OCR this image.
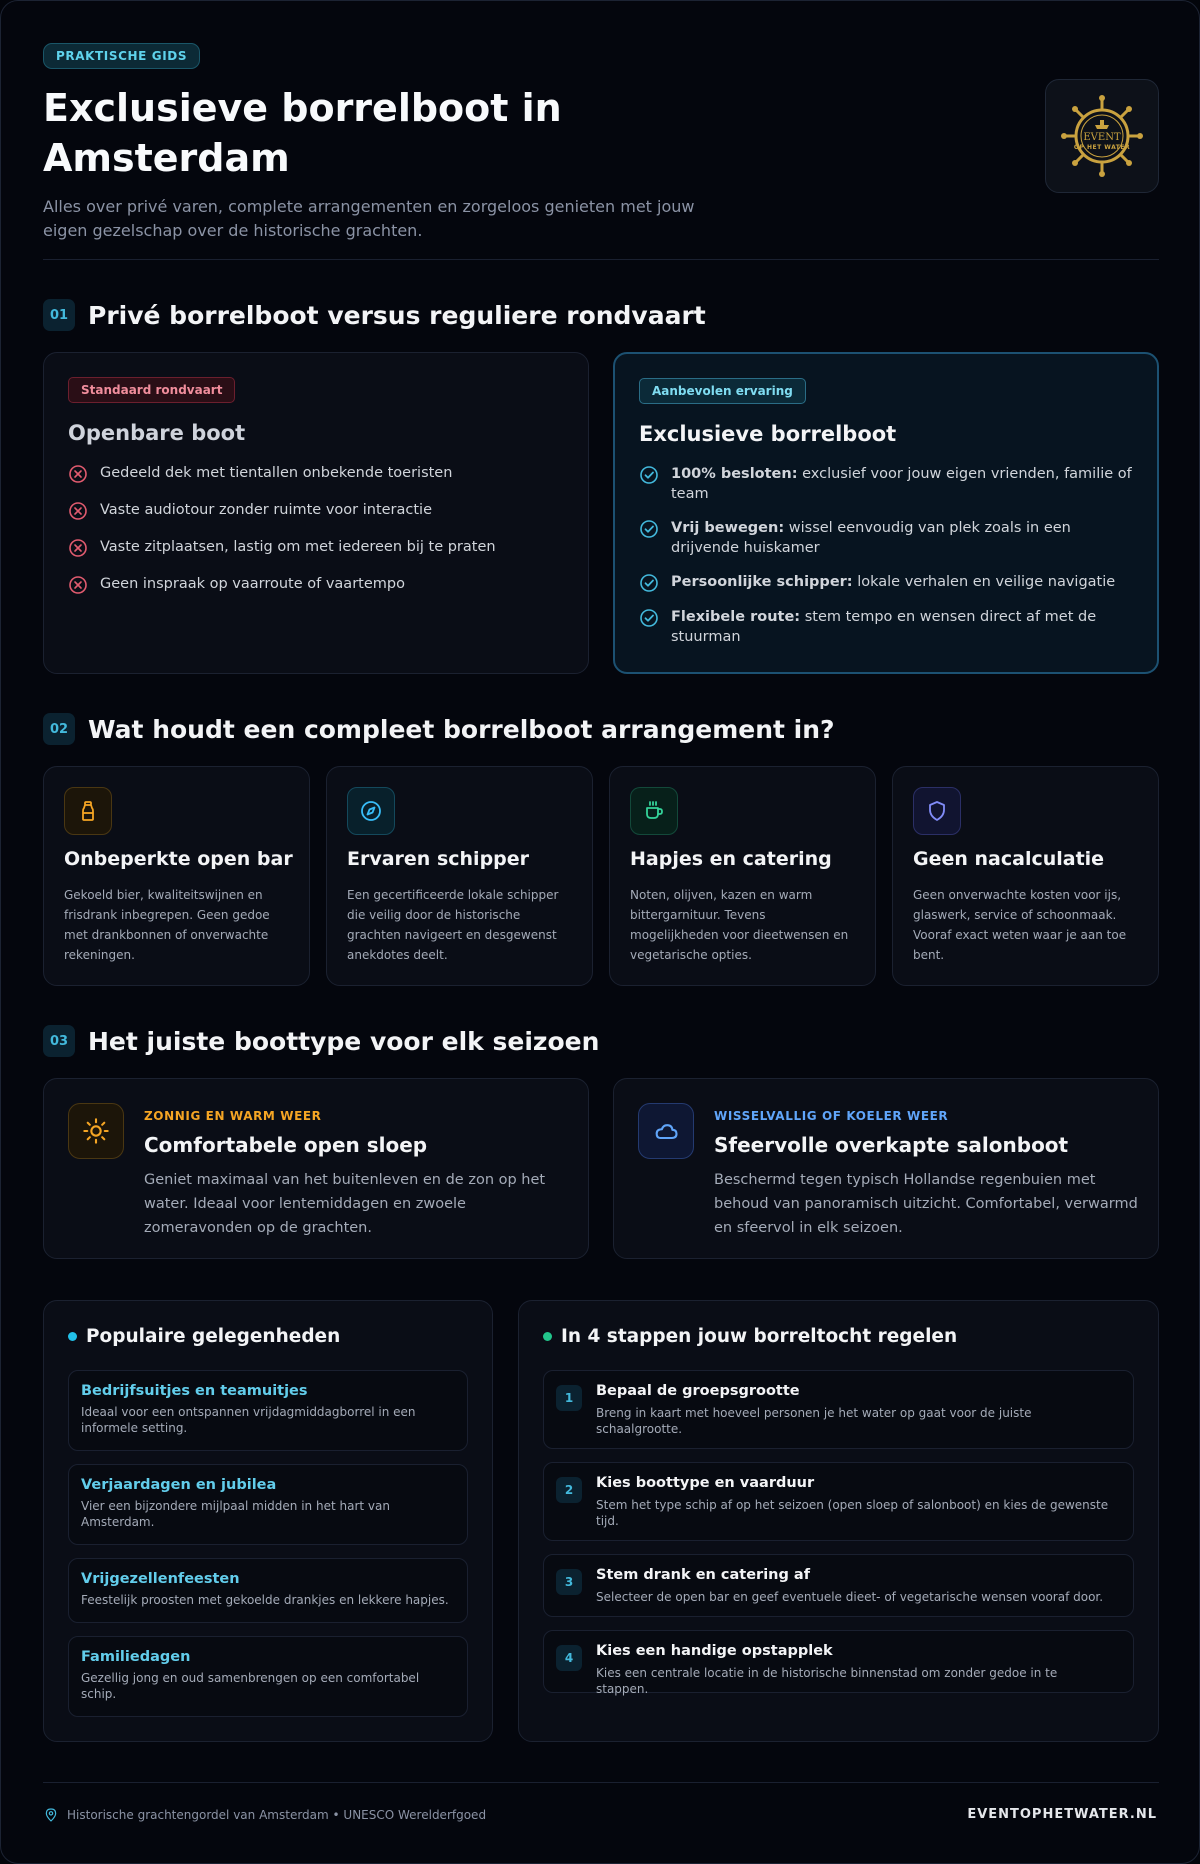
PRAKTISCHE GIDS
Exclusieve borrelboot in Amsterdam

Alles over privé varen, complete arrangementen en zorgeloos genieten met jouw eigen gezelschap over de historische grachten.

EVENT
OP HET WATER
01 Privé borrelboot versus reguliere rondvaart
Standaard rondvaart
Openbare boot
Gedeeld dek met tientallen onbekende toeristen
Vaste audiotour zonder ruimte voor interactie
Vaste zitplaatsen, lastig om met iedereen bij te praten
Geen inspraak op vaarroute of vaartempo
Aanbevolen ervaring
Exclusieve borrelboot
100% besloten: exclusief voor jouw eigen vrienden, familie of team
Vrij bewegen: wissel eenvoudig van plek zoals in een drijvende huiskamer
Persoonlijke schipper: lokale verhalen en veilige navigatie
Flexibele route: stem tempo en wensen direct af met de stuurman
02 Wat houdt een compleet borrelboot arrangement in?
Onbeperkte open bar
Gekoeld bier, kwaliteitswijnen en frisdrank inbegrepen. Geen gedoe met drankbonnen of onverwachte rekeningen.
Ervaren schipper
Een gecertificeerde lokale schipper die veilig door de historische grachten navigeert en desgewenst anekdotes deelt.
Hapjes en catering
Noten, olijven, kazen en warm bittergarnituur. Tevens mogelijkheden voor dieetwensen en vegetarische opties.
Geen nacalculatie
Geen onverwachte kosten voor ijs, glaswerk, service of schoonmaak. Vooraf exact weten waar je aan toe bent.
03 Het juiste boottype voor elk seizoen
ZONNIG EN WARM WEER
Comfortabele open sloep
Geniet maximaal van het buitenleven en de zon op het water. Ideaal voor lentemiddagen en zwoele zomeravonden op de grachten.
WISSELVALLIG OF KOELER WEER
Sfeervolle overkapte salonboot
Beschermd tegen typisch Hollandse regenbuien met behoud van panoramisch uitzicht. Comfortabel, verwarmd en sfeervol in elk seizoen.
Populaire gelegenheden
Bedrijfsuitjes en teamuitjes
Ideaal voor een ontspannen vrijdagmiddagborrel in een informele setting.
Verjaardagen en jubilea
Vier een bijzondere mijlpaal midden in het hart van Amsterdam.
Vrijgezellenfeesten
Feestelijk proosten met gekoelde drankjes en lekkere hapjes.
Familiedagen
Gezellig jong en oud samenbrengen op een comfortabel schip.
In 4 stappen jouw borreltocht regelen
1	Bepaal de groepsgrootte
Breng in kaart met hoeveel personen je het water op gaat voor de juiste schaalgrootte.
2	Kies boottype en vaarduur
Stem het type schip af op het seizoen (open sloep of salonboot) en kies de gewenste tijd.
3	Stem drank en catering af
Selecteer de open bar en geef eventuele dieet- of vegetarische wensen vooraf door.
4	Kies een handige opstapplek
Kies een centrale locatie in de historische binnenstad om zonder gedoe in te stappen.
Historische grachtengordel van Amsterdam • UNESCO Werelderfgoed	EVENTOPHETWATER.NL
